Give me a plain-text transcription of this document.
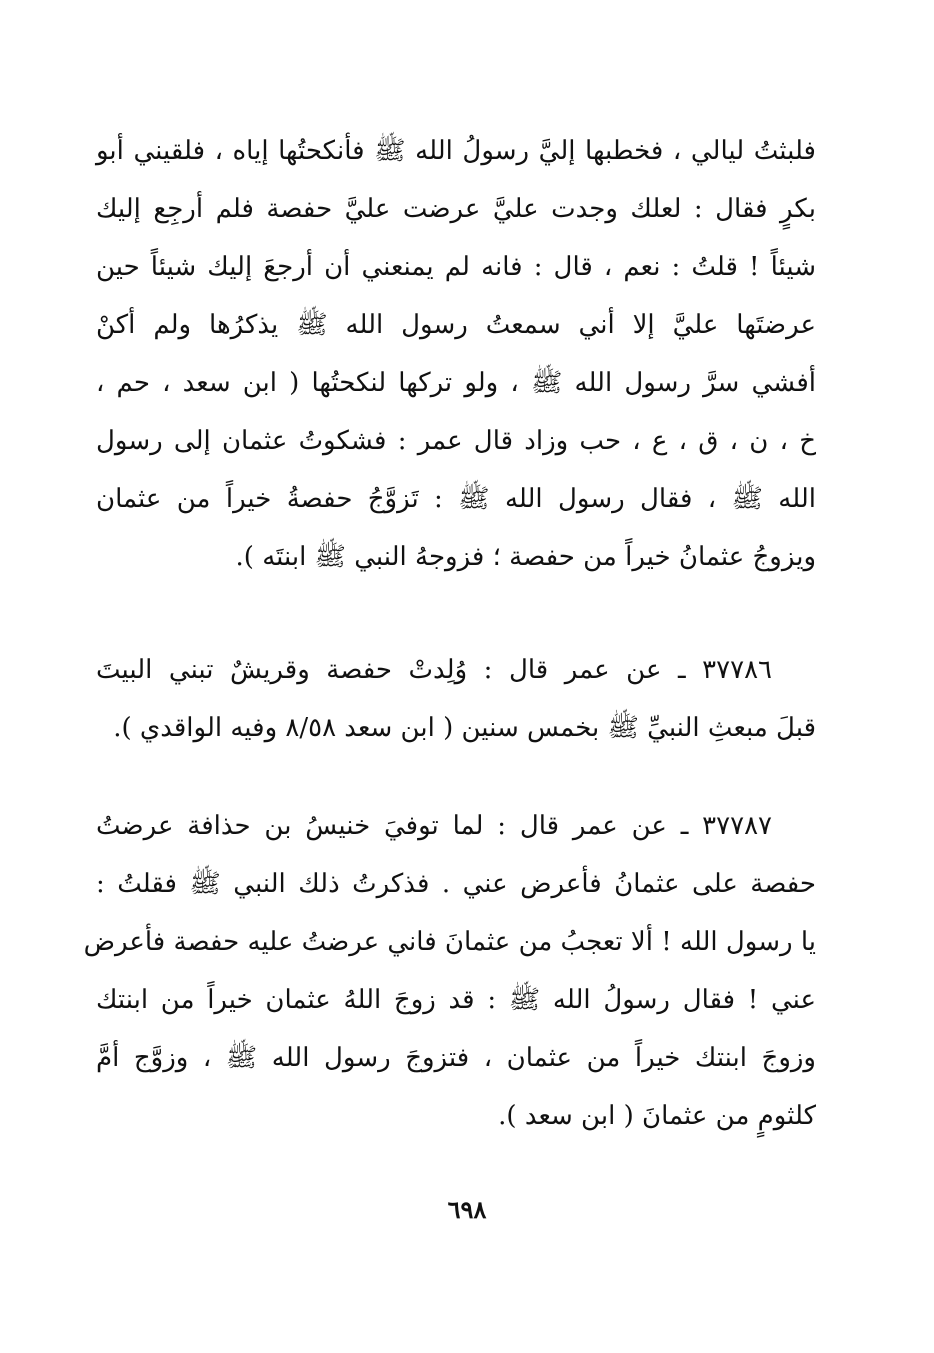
فلبثتُ ليالي ، فخطبها إليَّ رسولُ الله ﷺ فأنكحتُها إياه ، فلقيني أبو
بكرٍ فقال : لعلك وجدت عليَّ عرضت عليَّ حفصة فلم أرجِع إليك
شيئاً ! قلتُ : نعم ، قال : فانه لم يمنعني أن أرجعَ إليك شيئاً حين
عرضتَها عليَّ إلا أني سمعتُ رسول الله ﷺ يذكرُها ولم أكنْ
أفشي سرَّ رسول الله ﷺ ، ولو تركها لنكحتُها ( ابن سعد ، حم ،
خ ، ن ، ق ، ع ، حب وزاد قال عمر : فشكوتُ عثمان إلى رسول
الله ﷺ ، فقال رسول الله ﷺ : تَزوَّجُ حفصةُ خيراً من عثمان
ويزوجُ عثمانُ خيراً من حفصة ؛ فزوجهُ النبي ﷺ ابنتَه ).
٣٧٧٨٦ ـ عن عمر قال : وُلِدتْ حفصة وقريشٌ تبني البيتَ
قبلَ مبعثِ النبيِّ ﷺ بخمس سنين ( ابن سعد ٨/٥٨ وفيه الواقدي ).
٣٧٧٨٧ ـ عن عمر قال : لما توفيَ خنيسُ بن حذافة عرضتُ
حفصة على عثمانُ فأعرض عني . فذكرتُ ذلك النبي ﷺ فقلتُ :
يا رسول الله ! ألا تعجبُ من عثمانَ فاني عرضتُ عليه حفصة فأعرض
عني ! فقال رسولُ الله ﷺ : قد زوجَ اللهُ عثمان خيراً من ابنتك
وزوجَ ابنتك خيراً من عثمان ، فتزوجَ رسول الله ﷺ ، وزوَّج أمَّ
كلثومٍ من عثمانَ ( ابن سعد ).
٦٩٨
